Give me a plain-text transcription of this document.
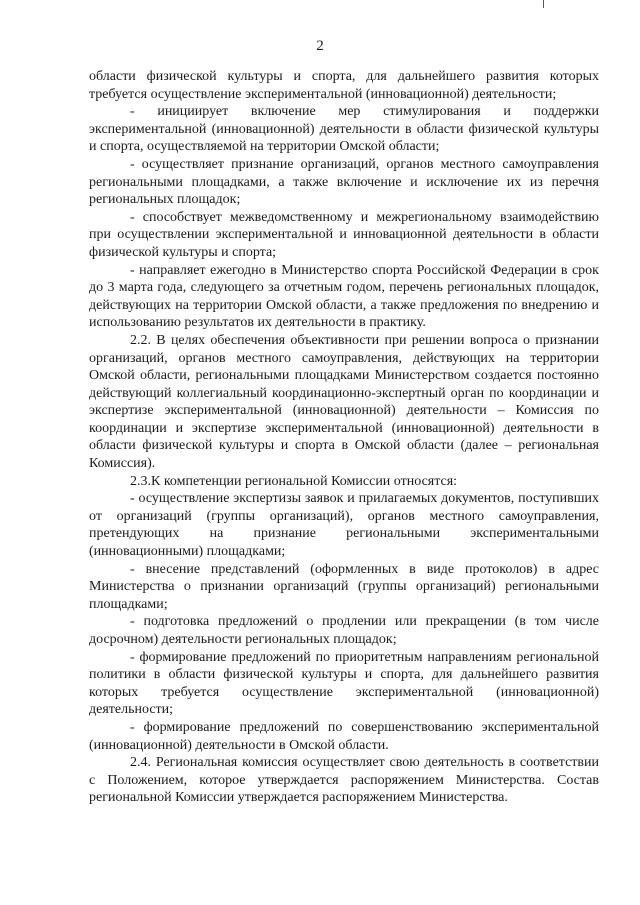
2

области физической культуры и спорта, для дальнейшего развития которых требуется осуществление экспериментальной (инновационной) деятельности;

- инициирует включение мер стимулирования и поддержки экспериментальной (инновационной) деятельности в области физической культуры и спорта, осуществляемой на территории Омской области;

- осуществляет признание организаций, органов местного самоуправления региональными площадками, а также включение и исключение их из перечня региональных площадок;

- способствует межведомственному и межрегиональному взаимодействию при осуществлении экспериментальной и инновационной деятельности в области физической культуры и спорта;

- направляет ежегодно в Министерство спорта Российской Федерации в срок до 3 марта года, следующего за отчетным годом, перечень региональных площадок, действующих на территории Омской области, а также предложения по внедрению и использованию результатов их деятельности в практику.

2.2. В целях обеспечения объективности при решении вопроса о признании организаций, органов местного самоуправления, действующих на территории Омской области, региональными площадками Министерством создается постоянно действующий коллегиальный координационно-экспертный орган по координации и экспертизе экспериментальной (инновационной) деятельности – Комиссия по координации и экспертизе экспериментальной (инновационной) деятельности в области физической культуры и спорта в Омской области (далее – региональная Комиссия).

2.3.К компетенции региональной Комиссии относятся:

- осуществление экспертизы заявок и прилагаемых документов, поступивших от организаций (группы организаций), органов местного самоуправления, претендующих на признание региональными экспериментальными (инновационными) площадками;

- внесение представлений (оформленных в виде протоколов) в адрес Министерства о признании организаций (группы организаций) региональными площадками;

- подготовка предложений о продлении или прекращении (в том числе досрочном) деятельности региональных площадок;

- формирование предложений по приоритетным направлениям региональной политики в области физической культуры и спорта, для дальнейшего развития которых требуется осуществление экспериментальной (инновационной) деятельности;

- формирование предложений по совершенствованию экспериментальной (инновационной) деятельности в Омской области.

2.4. Региональная комиссия осуществляет свою деятельность в соответствии с Положением, которое утверждается распоряжением Министерства. Состав региональной Комиссии утверждается распоряжением Министерства.
